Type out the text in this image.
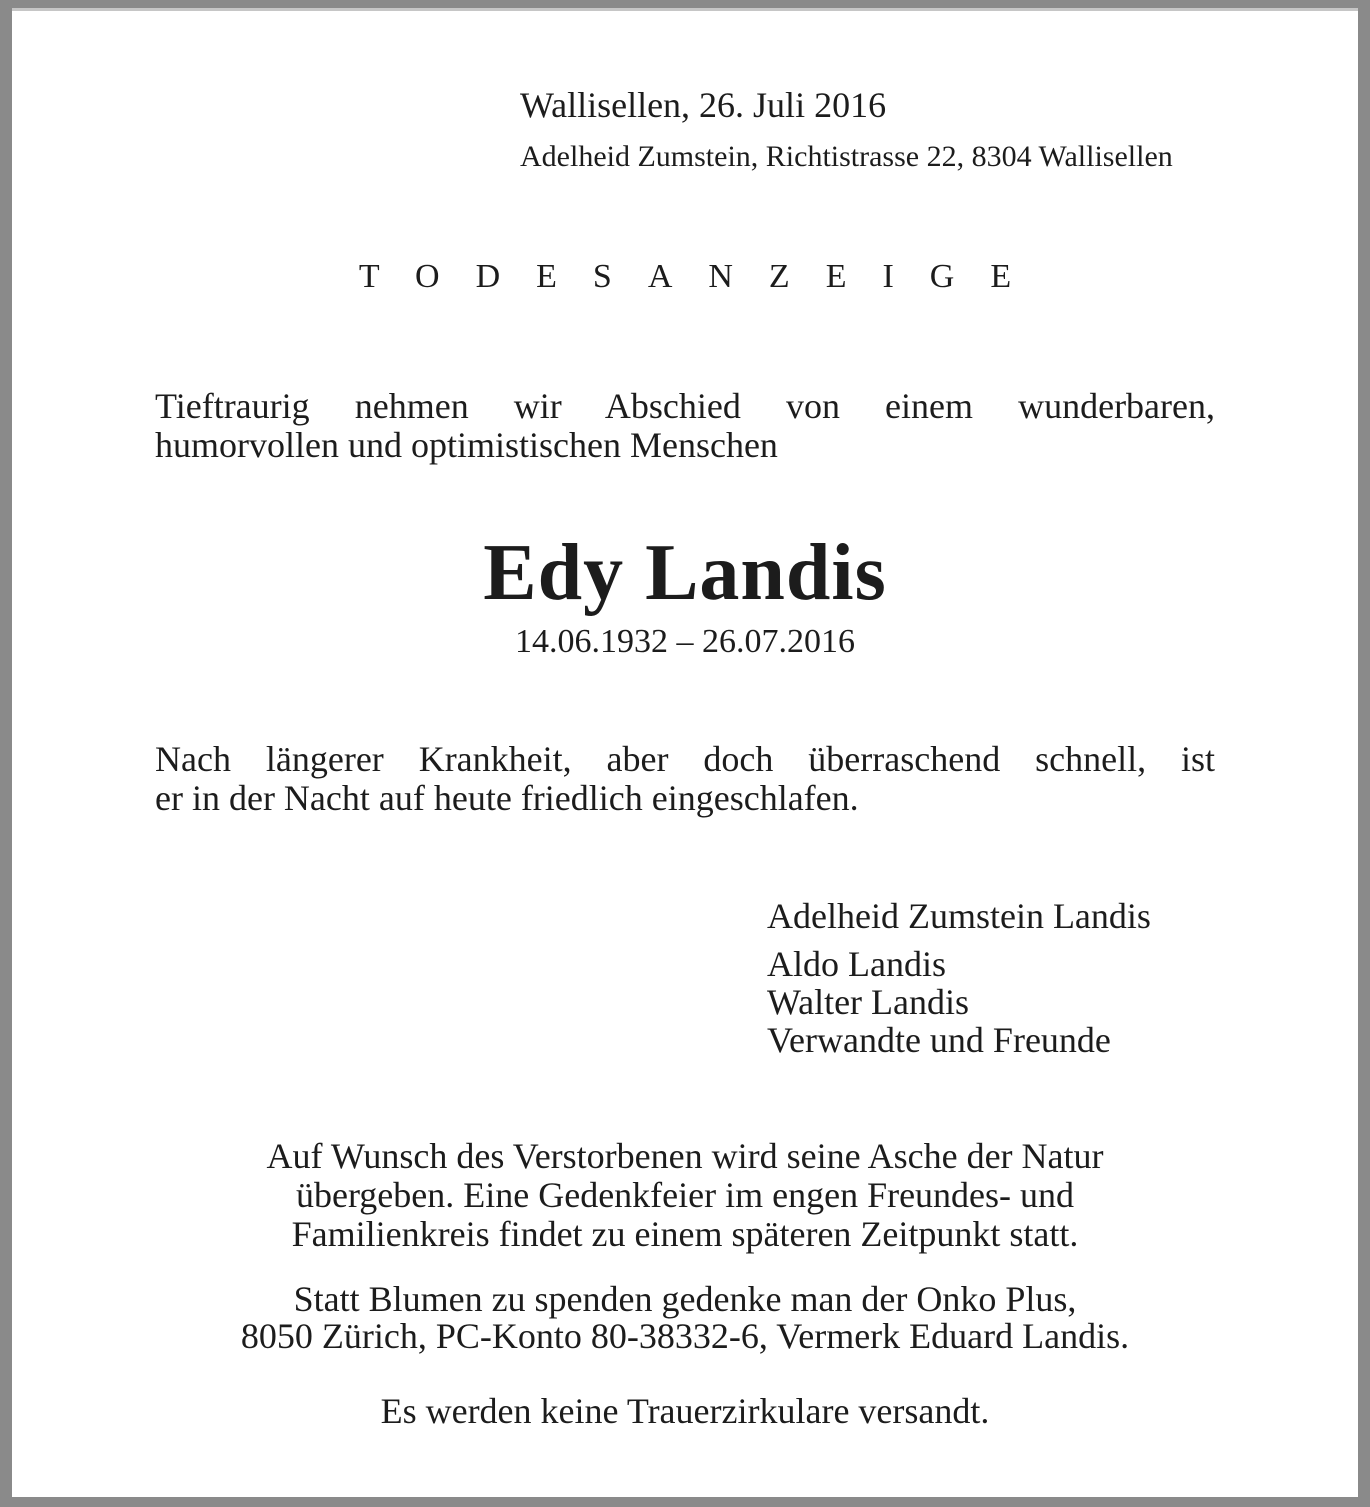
Wallisellen, 26. Juli 2016
Adelheid Zumstein, Richtistrasse 22, 8304 Wallisellen
TODESANZEIGE
Tieftraurig nehmen wir Abschied von einem wunderbaren,
humorvollen und optimistischen Menschen
Edy Landis
14.06.1932 – 26.07.2016
Nach längerer Krankheit, aber doch überraschend schnell, ist
er in der Nacht auf heute friedlich eingeschlafen.
Adelheid Zumstein Landis
Aldo Landis
Walter Landis
Verwandte und Freunde
Auf Wunsch des Verstorbenen wird seine Asche der Natur
übergeben. Eine Gedenkfeier im engen Freundes- und
Familienkreis findet zu einem späteren Zeitpunkt statt.
Statt Blumen zu spenden gedenke man der Onko Plus,
8050 Zürich, PC-Konto 80-38332-6, Vermerk Eduard Landis.
Es werden keine Trauerzirkulare versandt.
